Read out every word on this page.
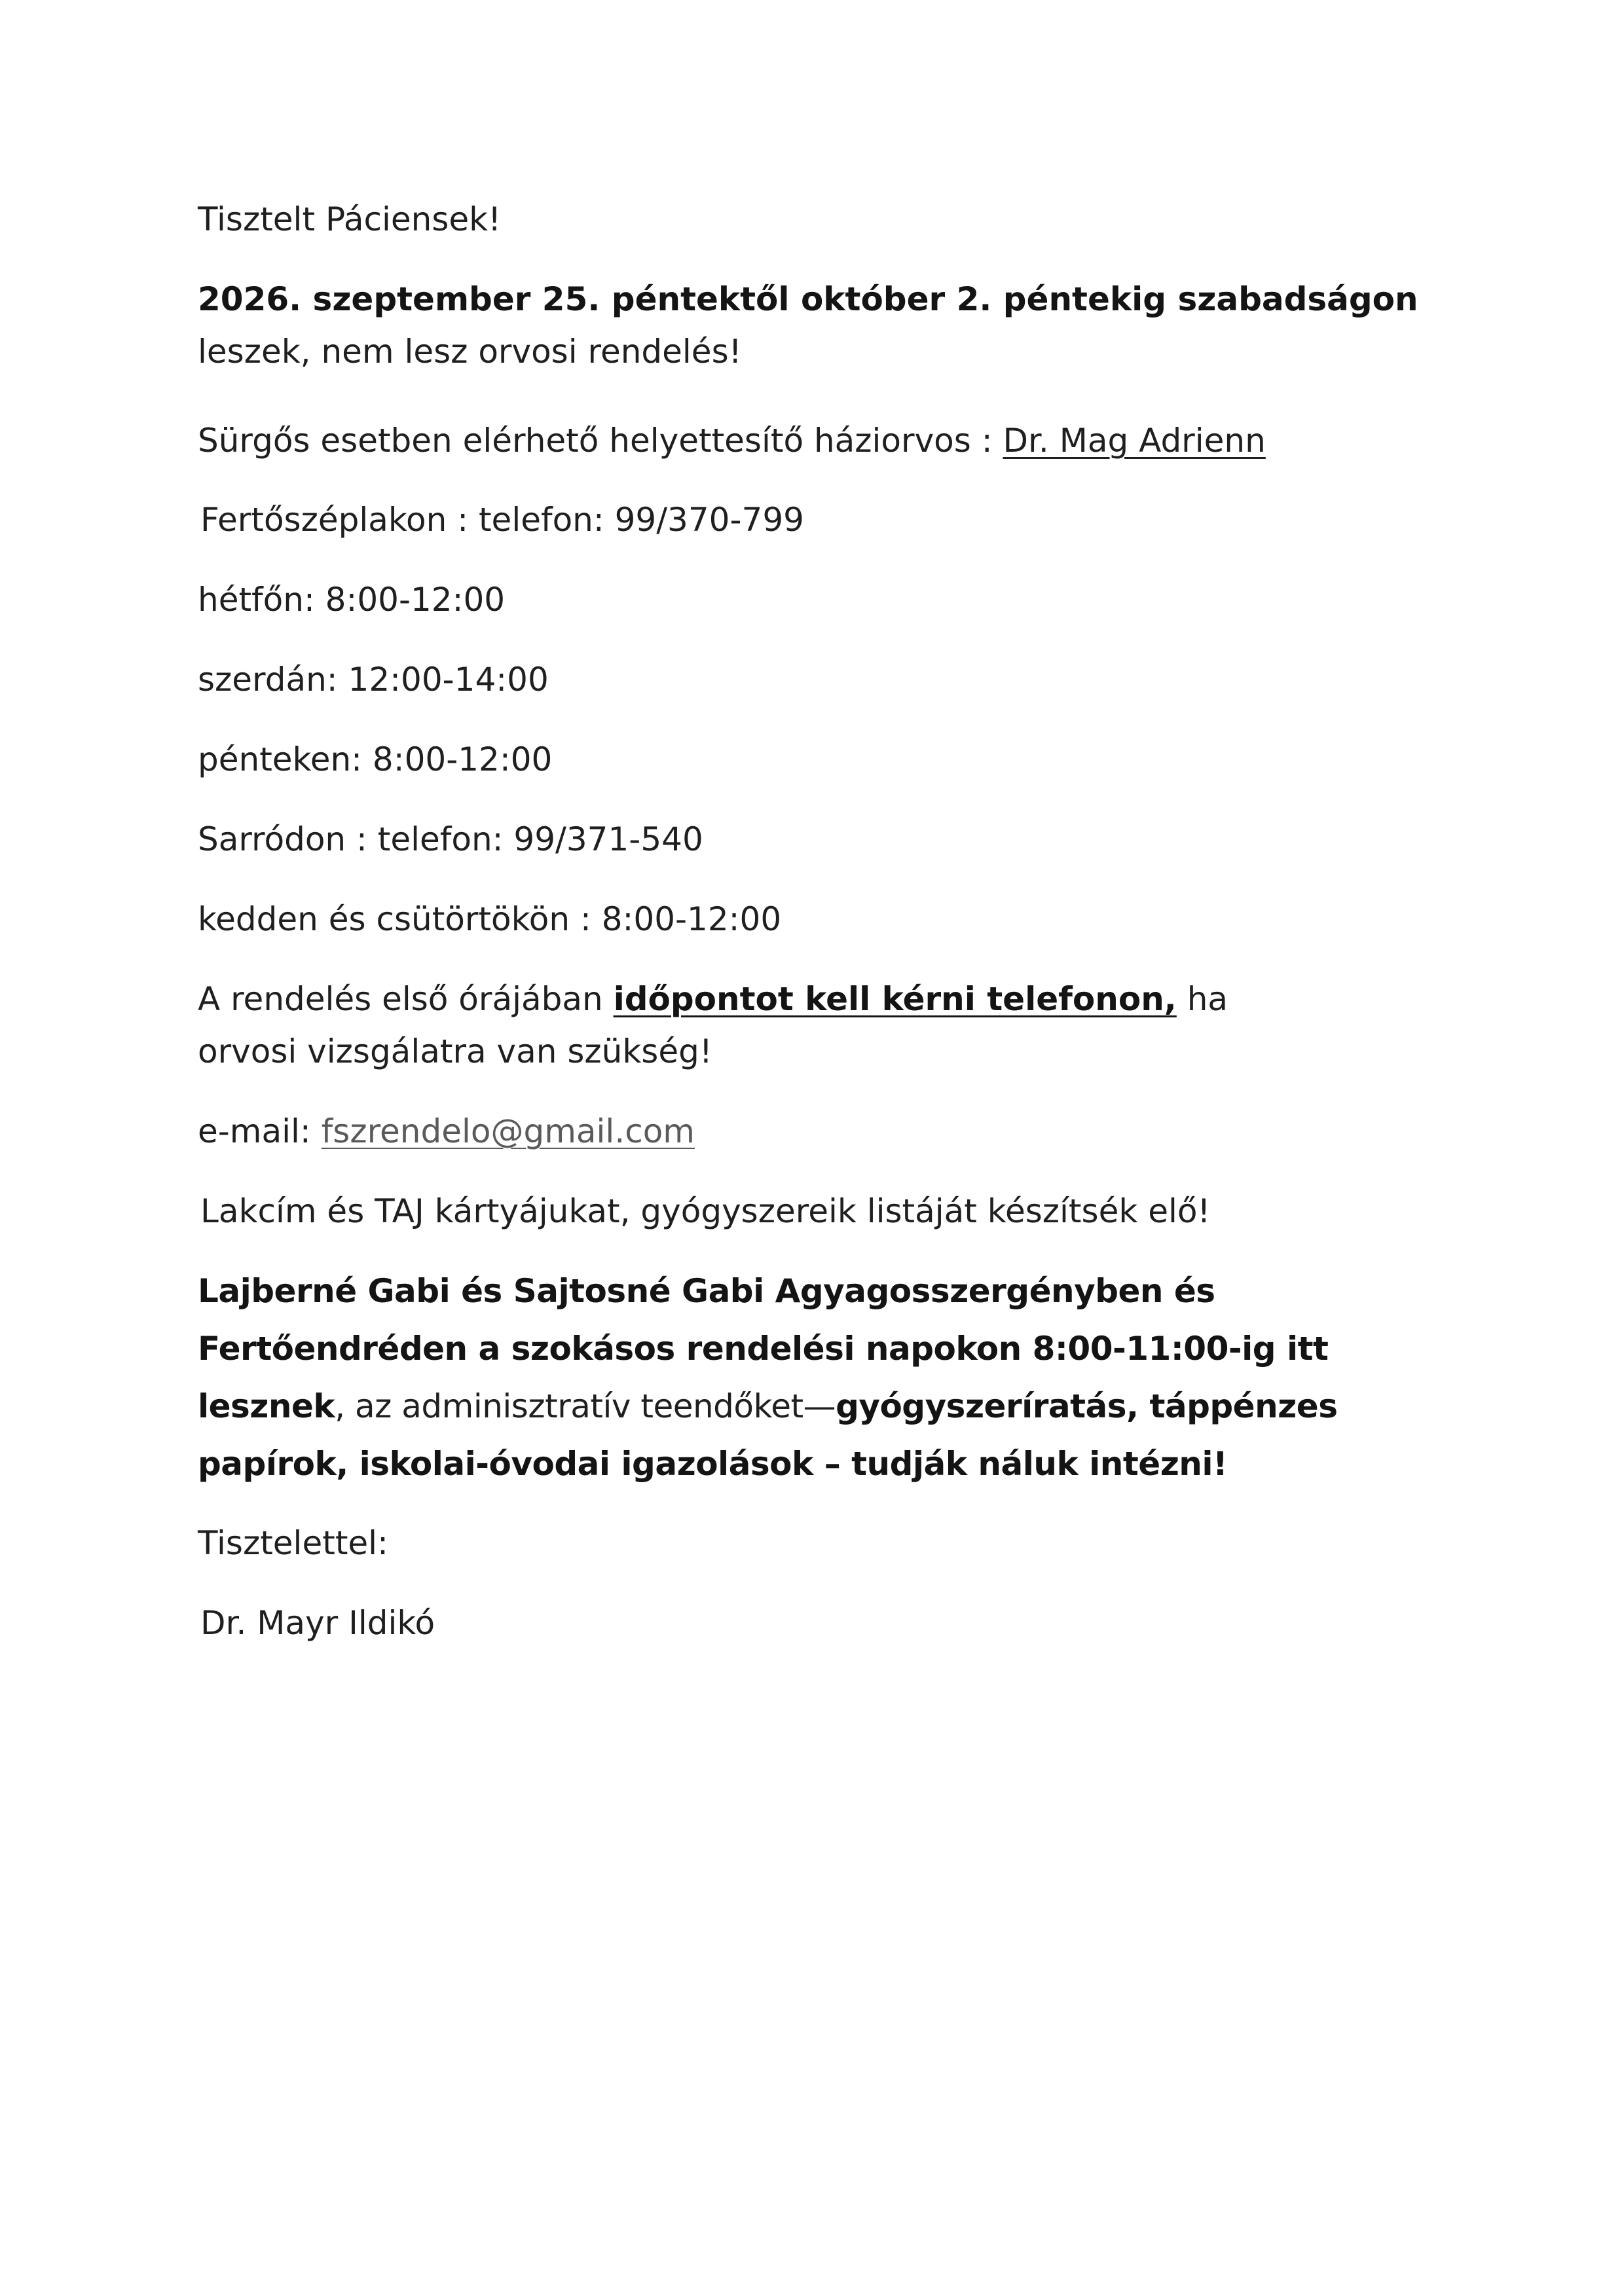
Tisztelt Páciensek!

2026. szeptember 25. péntektől október 2. péntekig szabadságon

leszek, nem lesz orvosi rendelés!

Sürgős esetben elérhető helyettesítő háziorvos : Dr. Mag Adrienn

Fertőszéplakon : telefon: 99/370-799

hétfőn: 8:00-12:00

szerdán: 12:00-14:00

pénteken: 8:00-12:00

Sarródon : telefon: 99/371-540

kedden és csütörtökön : 8:00-12:00

A rendelés első órájában időpontot kell kérni telefonon, ha

orvosi vizsgálatra van szükség!

e-mail: fszrendelo@gmail.com

Lakcím és TAJ kártyájukat, gyógyszereik listáját készítsék elő!

Lajberné Gabi és Sajtosné Gabi Agyagosszergényben és

Fertőendréden a szokásos rendelési napokon 8:00-11:00-ig itt

lesznek, az adminisztratív teendőket—gyógyszeríratás, táppénzes

papírok, iskolai-óvodai igazolások – tudják náluk intézni!

Tisztelettel:

Dr. Mayr Ildikó
